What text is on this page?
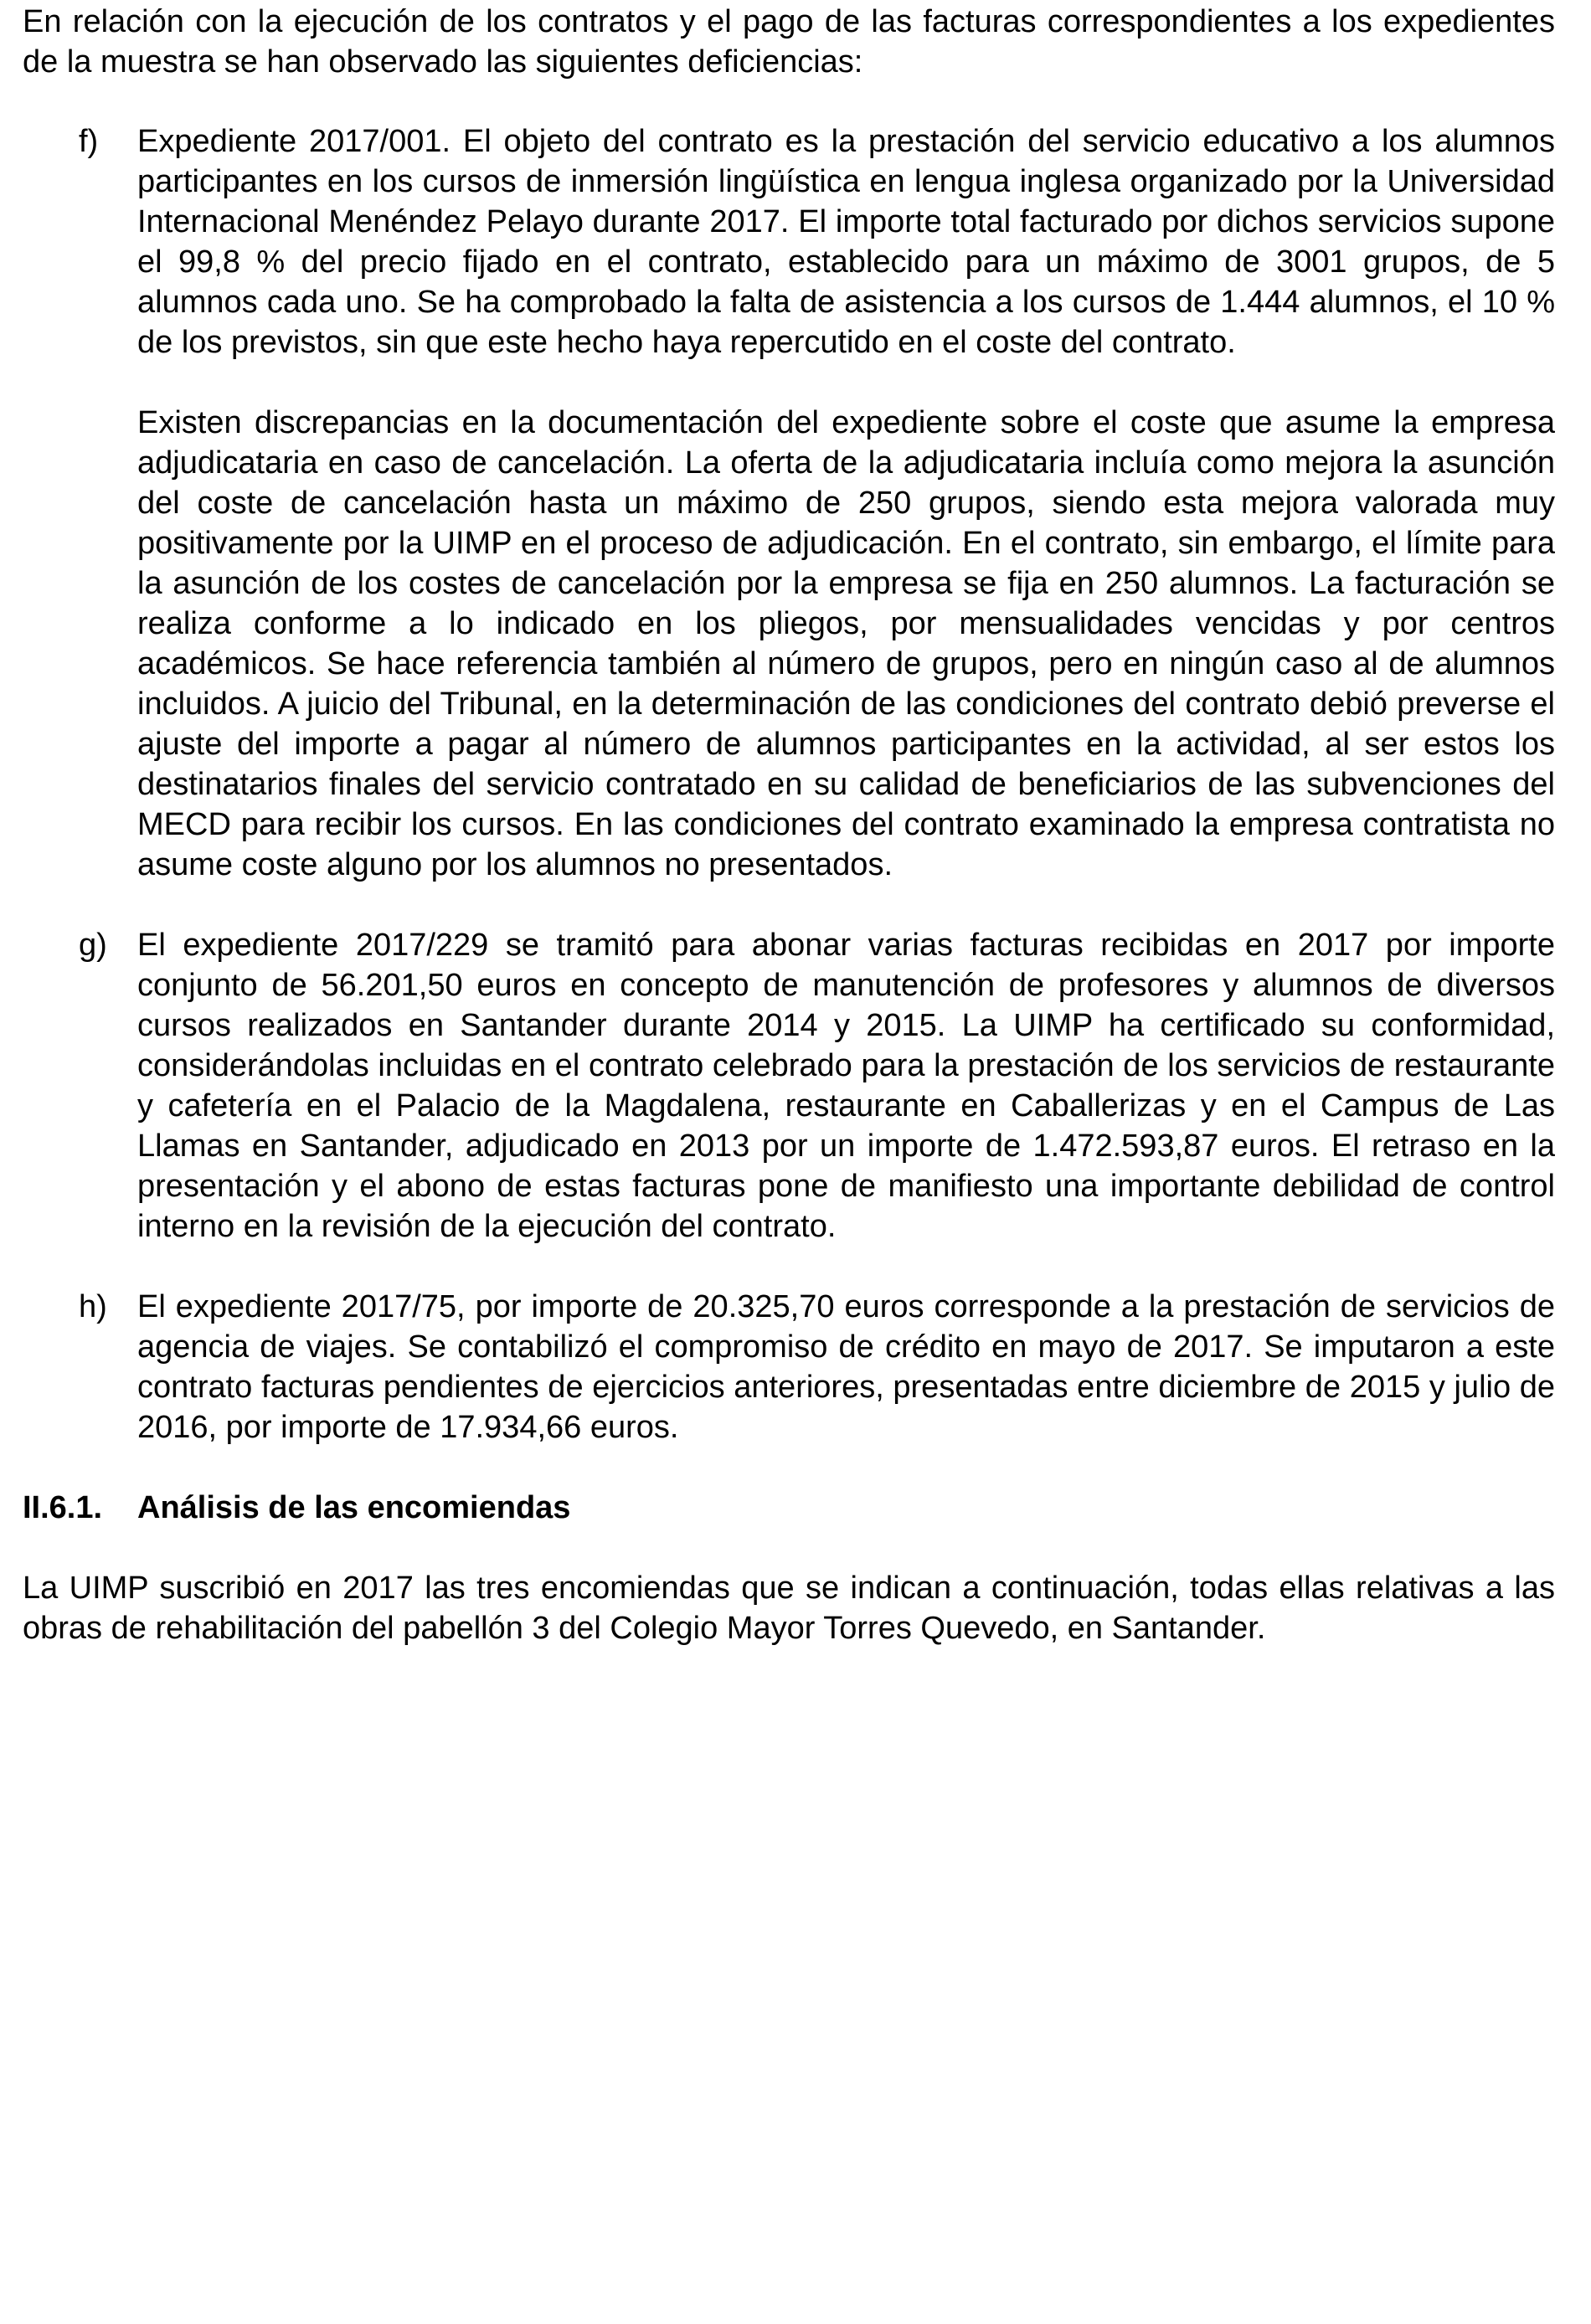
En relación con la ejecución de los contratos y el pago de las facturas correspondientes a los expedientes de la muestra se han observado las siguientes deficiencias:

f) Expediente 2017/001. El objeto del contrato es la prestación del servicio educativo a los alumnos participantes en los cursos de inmersión lingüística en lengua inglesa organizado por la Universidad Internacional Menéndez Pelayo durante 2017. El importe total facturado por dichos servicios supone el 99,8 % del precio fijado en el contrato, establecido para un máximo de 3001 grupos, de 5 alumnos cada uno. Se ha comprobado la falta de asistencia a los cursos de 1.444 alumnos, el 10 % de los previstos, sin que este hecho haya repercutido en el coste del contrato.

Existen discrepancias en la documentación del expediente sobre el coste que asume la empresa adjudicataria en caso de cancelación. La oferta de la adjudicataria incluía como mejora la asunción del coste de cancelación hasta un máximo de 250 grupos, siendo esta mejora valorada muy positivamente por la UIMP en el proceso de adjudicación. En el contrato, sin embargo, el límite para la asunción de los costes de cancelación por la empresa se fija en 250 alumnos. La facturación se realiza conforme a lo indicado en los pliegos, por mensualidades vencidas y por centros académicos. Se hace referencia también al número de grupos, pero en ningún caso al de alumnos incluidos. A juicio del Tribunal, en la determinación de las condiciones del contrato debió preverse el ajuste del importe a pagar al número de alumnos participantes en la actividad, al ser estos los destinatarios finales del servicio contratado en su calidad de beneficiarios de las subvenciones del MECD para recibir los cursos. En las condiciones del contrato examinado la empresa contratista no asume coste alguno por los alumnos no presentados.

g) El expediente 2017/229 se tramitó para abonar varias facturas recibidas en 2017 por importe conjunto de 56.201,50 euros en concepto de manutención de profesores y alumnos de diversos cursos realizados en Santander durante 2014 y 2015. La UIMP ha certificado su conformidad, considerándolas incluidas en el contrato celebrado para la prestación de los servicios de restaurante y cafetería en el Palacio de la Magdalena, restaurante en Caballerizas y en el Campus de Las Llamas en Santander, adjudicado en 2013 por un importe de 1.472.593,87 euros. El retraso en la presentación y el abono de estas facturas pone de manifiesto una importante debilidad de control interno en la revisión de la ejecución del contrato.

h) El expediente 2017/75, por importe de 20.325,70 euros corresponde a la prestación de servicios de agencia de viajes. Se contabilizó el compromiso de crédito en mayo de 2017. Se imputaron a este contrato facturas pendientes de ejercicios anteriores, presentadas entre diciembre de 2015 y julio de 2016, por importe de 17.934,66 euros.

II.6.1. Análisis de las encomiendas

La UIMP suscribió en 2017 las tres encomiendas que se indican a continuación, todas ellas relativas a las obras de rehabilitación del pabellón 3 del Colegio Mayor Torres Quevedo, en Santander.
